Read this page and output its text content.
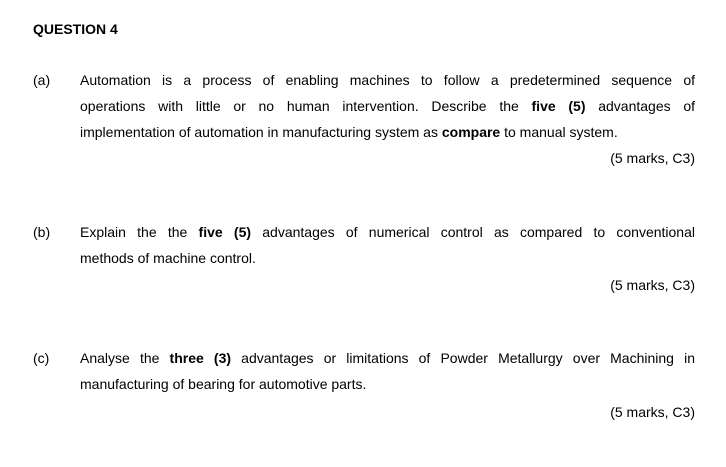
QUESTION 4
(a) Automation is a process of enabling machines to follow a predetermined sequence of
operations with little or no human intervention. Describe the five (5) advantages of
implementation of automation in manufacturing system as compare to manual system.
(5 marks, C3)
(b) Explain the the five (5) advantages of numerical control as compared to conventional
methods of machine control.
(5 marks, C3)
(c) Analyse the three (3) advantages or limitations of Powder Metallurgy over Machining in
manufacturing of bearing for automotive parts.
(5 marks, C3)
